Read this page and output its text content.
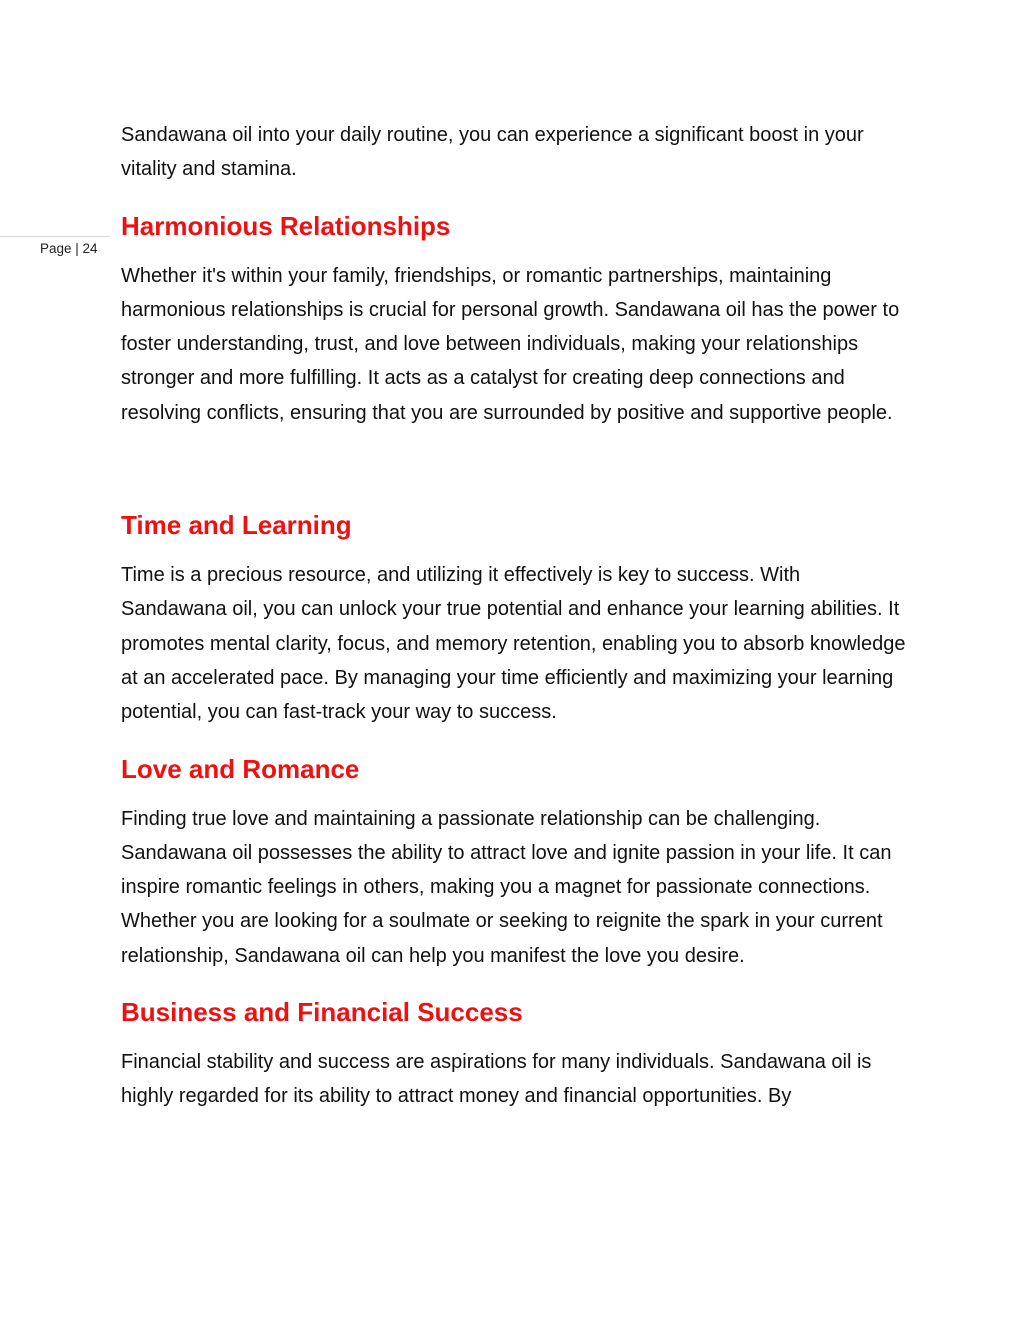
Page | 24

Sandawana oil into your daily routine, you can experience a significant boost in your vitality and stamina.

Harmonious Relationships

Whether it's within your family, friendships, or romantic partnerships, maintaining harmonious relationships is crucial for personal growth. Sandawana oil has the power to foster understanding, trust, and love between individuals, making your relationships stronger and more fulfilling. It acts as a catalyst for creating deep connections and resolving conflicts, ensuring that you are surrounded by positive and supportive people.

Time and Learning

Time is a precious resource, and utilizing it effectively is key to success. With Sandawana oil, you can unlock your true potential and enhance your learning abilities. It promotes mental clarity, focus, and memory retention, enabling you to absorb knowledge at an accelerated pace. By managing your time efficiently and maximizing your learning potential, you can fast-track your way to success.

Love and Romance

Finding true love and maintaining a passionate relationship can be challenging. Sandawana oil possesses the ability to attract love and ignite passion in your life. It can inspire romantic feelings in others, making you a magnet for passionate connections. Whether you are looking for a soulmate or seeking to reignite the spark in your current relationship, Sandawana oil can help you manifest the love you desire.

Business and Financial Success

Financial stability and success are aspirations for many individuals. Sandawana oil is highly regarded for its ability to attract money and financial opportunities. By
